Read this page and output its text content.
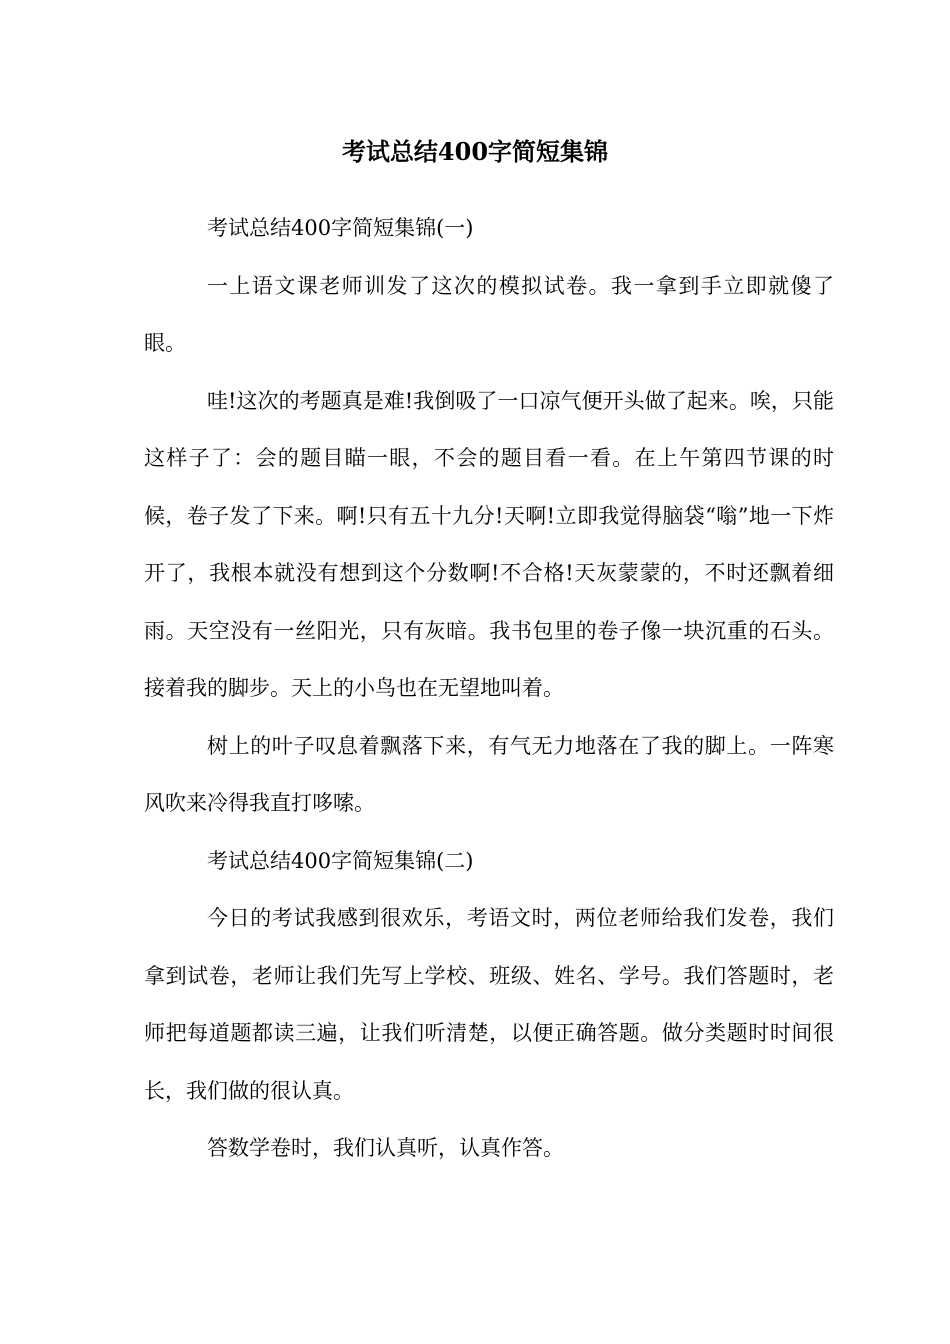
考试总结400字简短集锦

考试总结400字简短集锦(一)

一上语文课老师训发了这次的模拟试卷。我一拿到手立即就傻了眼。

哇!这次的考题真是难!我倒吸了一口凉气便开头做了起来。唉，只能这样子了：会的题目瞄一眼，不会的题目看一看。在上午第四节课的时候，卷子发了下来。啊!只有五十九分!天啊!立即我觉得脑袋“嗡”地一下炸开了，我根本就没有想到这个分数啊!不合格!天灰蒙蒙的，不时还飘着细雨。天空没有一丝阳光，只有灰暗。我书包里的卷子像一块沉重的石头。接着我的脚步。天上的小鸟也在无望地叫着。

树上的叶子叹息着飘落下来，有气无力地落在了我的脚上。一阵寒风吹来冷得我直打哆嗦。

考试总结400字简短集锦(二)

今日的考试我感到很欢乐，考语文时，两位老师给我们发卷，我们拿到试卷，老师让我们先写上学校、班级、姓名、学号。我们答题时，老师把每道题都读三遍，让我们听清楚，以便正确答题。做分类题时时间很长，我们做的很认真。

答数学卷时，我们认真听，认真作答。
